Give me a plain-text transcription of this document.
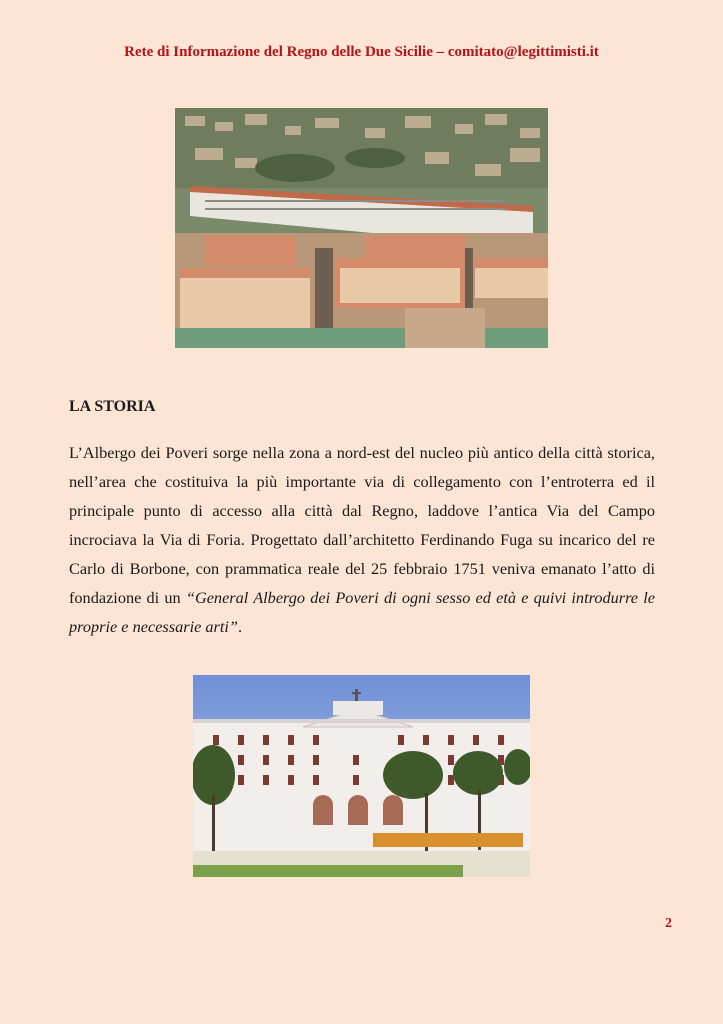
Rete di Informazione del Regno delle Due Sicilie – comitato@legittimisti.it
LA STORIA
L’Albergo dei Poveri sorge nella zona a nord-est del nucleo più antico della città storica, nell’area che costituiva la più importante via di collegamento con l’entroterra ed il principale punto di accesso alla città dal Regno, laddove l’antica Via del Campo incrociava la Via di Foria. Progettato dall’architetto Ferdinando Fuga su incarico del re Carlo di Borbone, con prammatica reale del 25 febbraio 1751 veniva emanato l’atto di fondazione di un “General Albergo dei Poveri di ogni sesso ed età e quivi introdurre le proprie e necessarie arti”.
2
